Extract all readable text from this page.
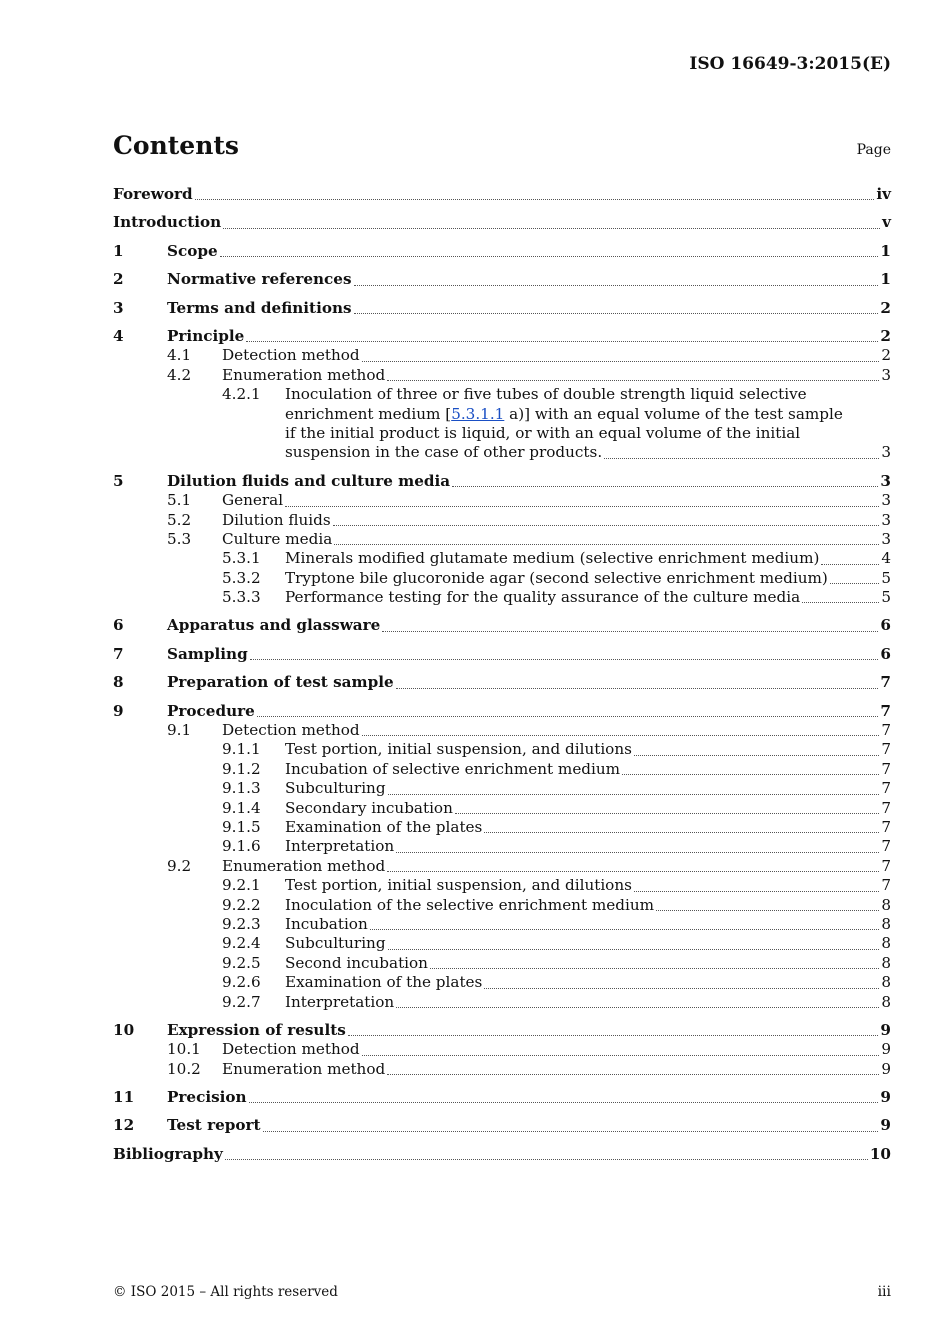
ISO 16649-3:2015(E)
Contents	Page
Foreword	iv
Introduction	v
1	Scope	1
2	Normative references	1
3	Terms and definitions	2
4	Principle	2
4.1	Detection method	2
4.2	Enumeration method	3
4.2.1	Inoculation of three or five tubes of double strength liquid selective
enrichment medium [5.3.1.1 a)] with an equal volume of the test sample
if the initial product is liquid, or with an equal volume of the initial
suspension in the case of other products.	3
5	Dilution fluids and culture media	3
5.1	General	3
5.2	Dilution fluids	3
5.3	Culture media	3
5.3.1	Minerals modified glutamate medium (selective enrichment medium)	4
5.3.2	Tryptone bile glucoronide agar (second selective enrichment medium)	5
5.3.3	Performance testing for the quality assurance of the culture media	5
6	Apparatus and glassware	6
7	Sampling	6
8	Preparation of test sample	7
9	Procedure	7
9.1	Detection method	7
9.1.1	Test portion, initial suspension, and dilutions	7
9.1.2	Incubation of selective enrichment medium	7
9.1.3	Subculturing	7
9.1.4	Secondary incubation	7
9.1.5	Examination of the plates	7
9.1.6	Interpretation	7
9.2	Enumeration method	7
9.2.1	Test portion, initial suspension, and dilutions	7
9.2.2	Inoculation of the selective enrichment medium	8
9.2.3	Incubation	8
9.2.4	Subculturing	8
9.2.5	Second incubation	8
9.2.6	Examination of the plates	8
9.2.7	Interpretation	8
10	Expression of results	9
10.1	Detection method	9
10.2	Enumeration method	9
11	Precision	9
12	Test report	9
Bibliography	10
© ISO 2015 – All rights reserved	iii
